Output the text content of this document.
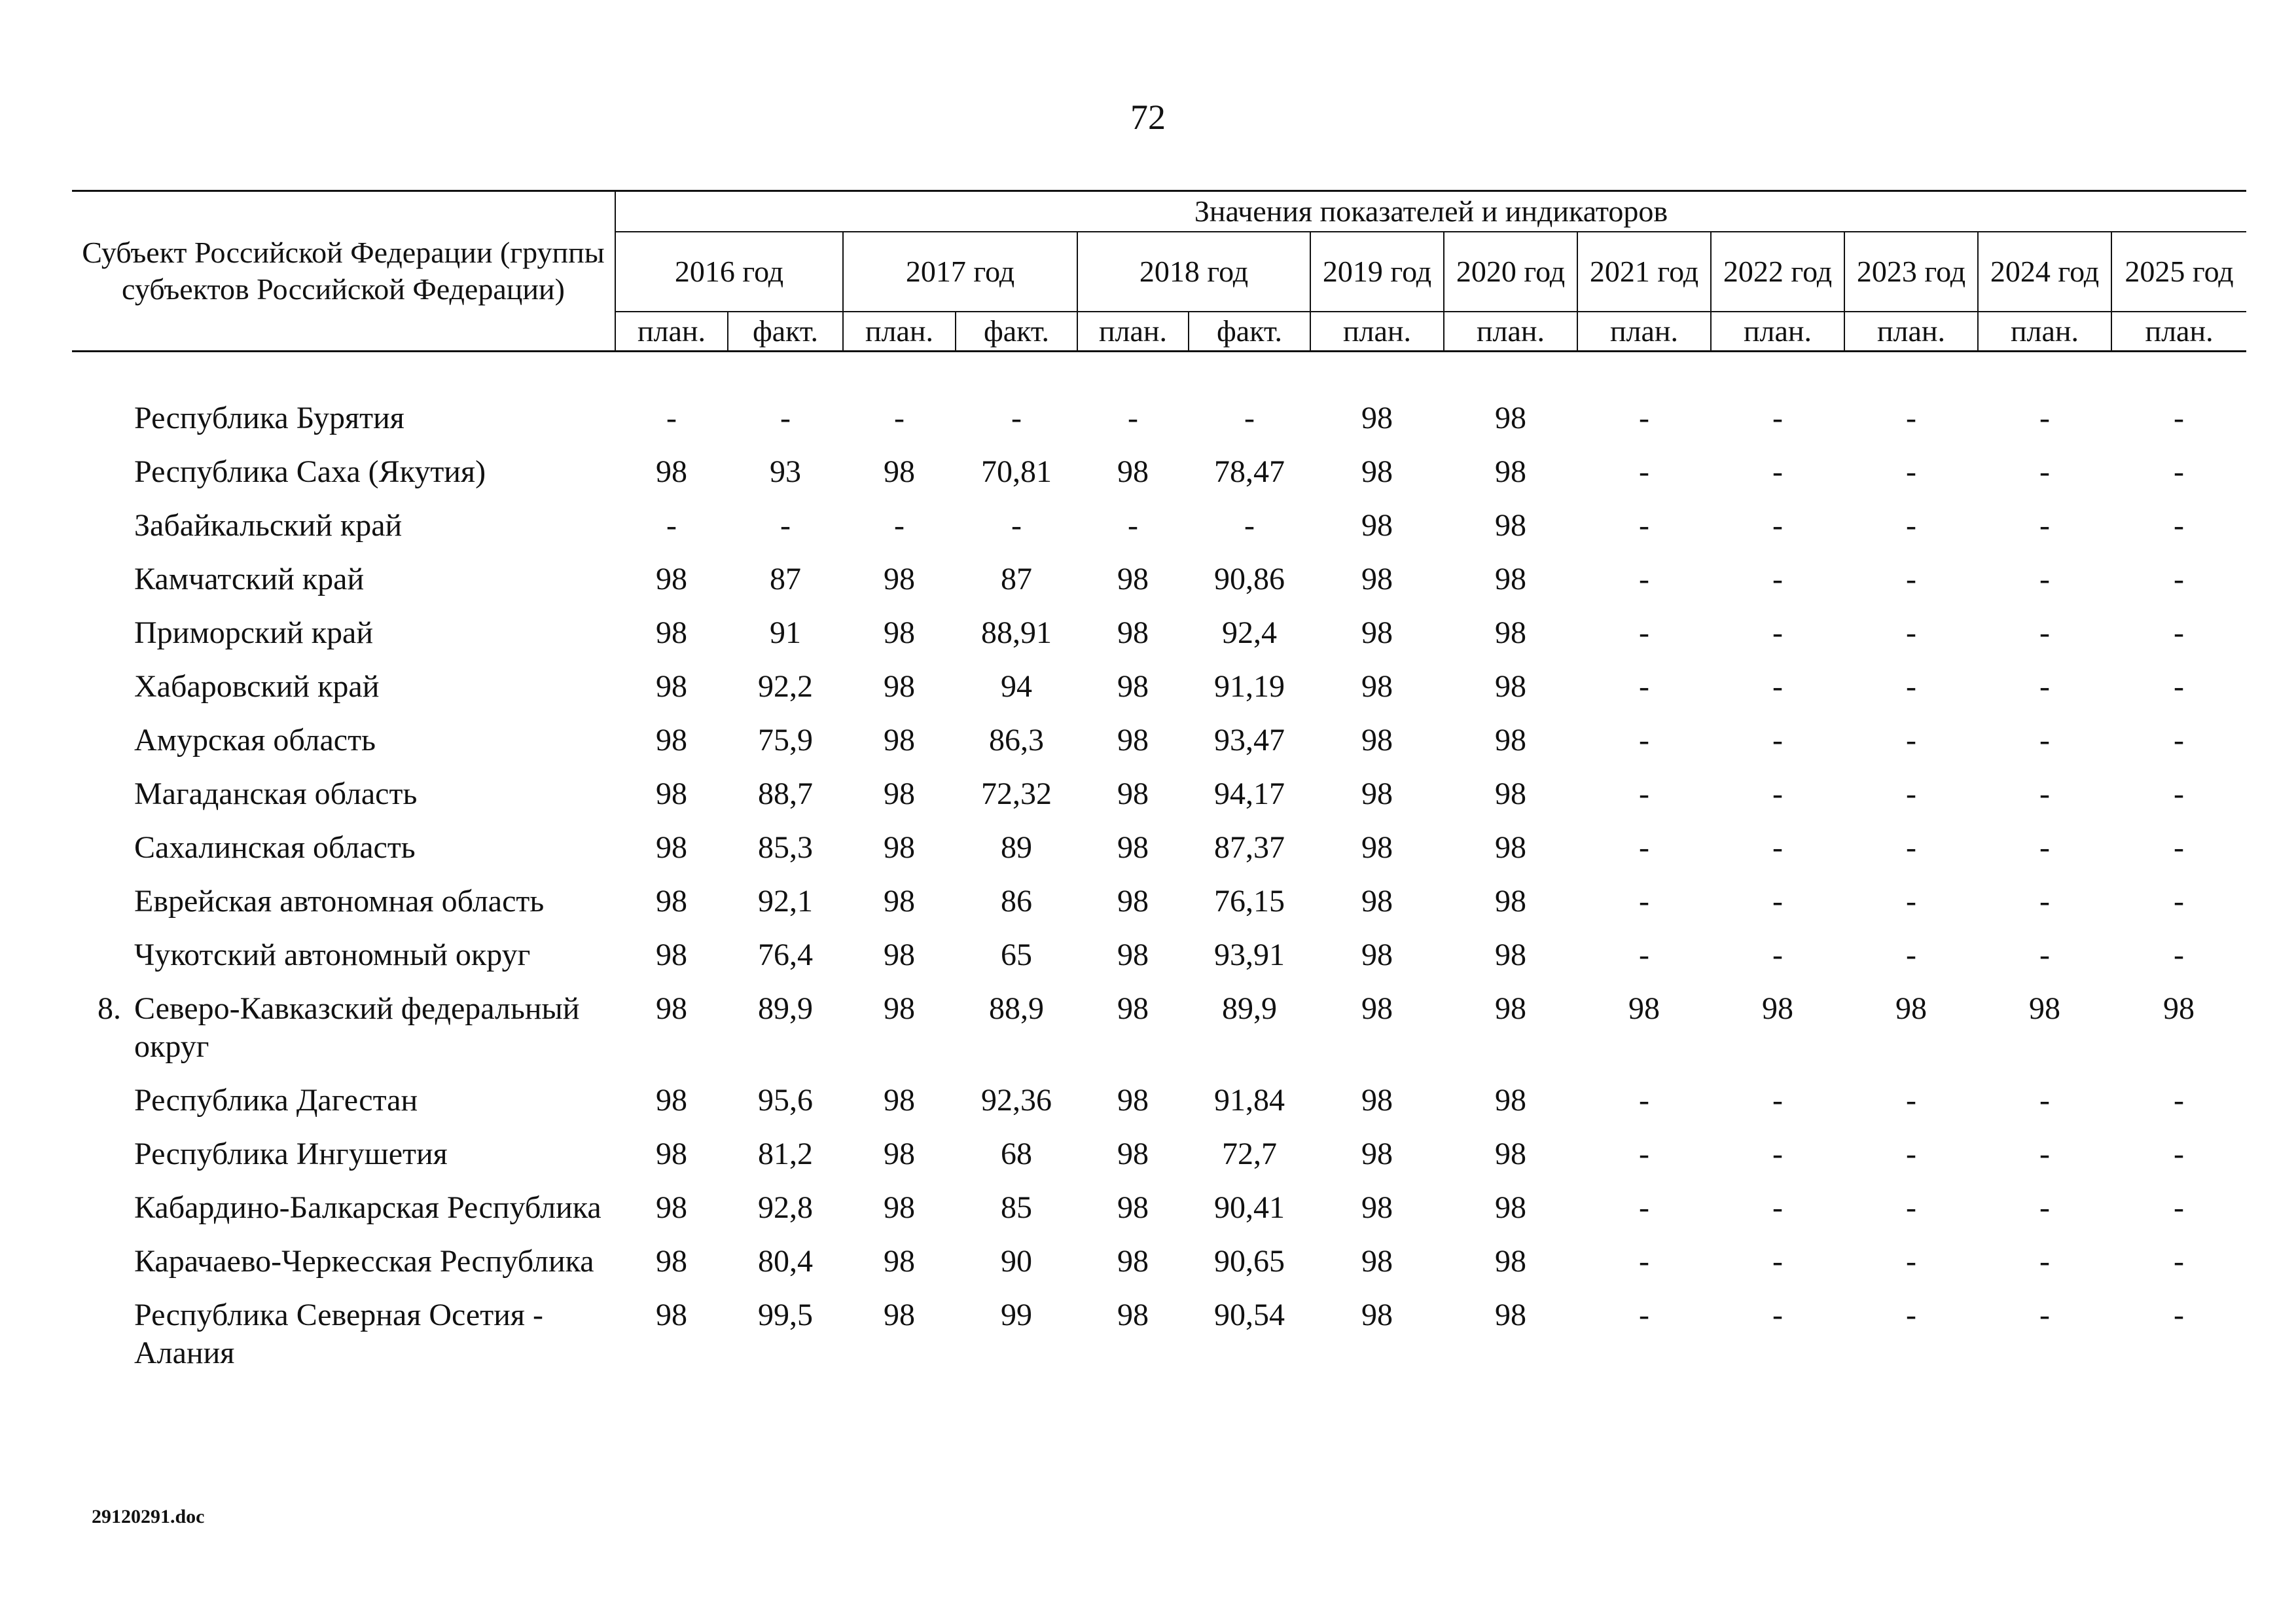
72
Субъект Российской Федерации (группы субъектов Российской Федерации)		Значения показателей и индикаторов												
		2016 год		2017 год		2018 год		2019 год	2020 год	2021 год	2022 год	2023 год	2024 год	2025 год
		план.	факт.	план.	факт.	план.	факт.	план.	план.	план.	план.	план.	план.	план.

	Республика Бурятия	-	-	-	-	-	-	98	98	-	-	-	-	-
	Республика Саха (Якутия)	98	93	98	70,81	98	78,47	98	98	-	-	-	-	-
	Забайкальский край	-	-	-	-	-	-	98	98	-	-	-	-	-
	Камчатский край	98	87	98	87	98	90,86	98	98	-	-	-	-	-
	Приморский край	98	91	98	88,91	98	92,4	98	98	-	-	-	-	-
	Хабаровский край	98	92,2	98	94	98	91,19	98	98	-	-	-	-	-
	Амурская область	98	75,9	98	86,3	98	93,47	98	98	-	-	-	-	-
	Магаданская область	98	88,7	98	72,32	98	94,17	98	98	-	-	-	-	-
	Сахалинская область	98	85,3	98	89	98	87,37	98	98	-	-	-	-	-
	Еврейская автономная область	98	92,1	98	86	98	76,15	98	98	-	-	-	-	-
	Чукотский автономный округ	98	76,4	98	65	98	93,91	98	98	-	-	-	-	-
8.	Северо-Кавказский федеральный округ	98	89,9	98	88,9	98	89,9	98	98	98	98	98	98	98
	Республика Дагестан	98	95,6	98	92,36	98	91,84	98	98	-	-	-	-	-
	Республика Ингушетия	98	81,2	98	68	98	72,7	98	98	-	-	-	-	-
	Кабардино-Балкарская Республика	98	92,8	98	85	98	90,41	98	98	-	-	-	-	-
	Карачаево-Черкесская Республика	98	80,4	98	90	98	90,65	98	98	-	-	-	-	-
	Республика Северная Осетия - Алания	98	99,5	98	99	98	90,54	98	98	-	-	-	-	-
29120291.doc
